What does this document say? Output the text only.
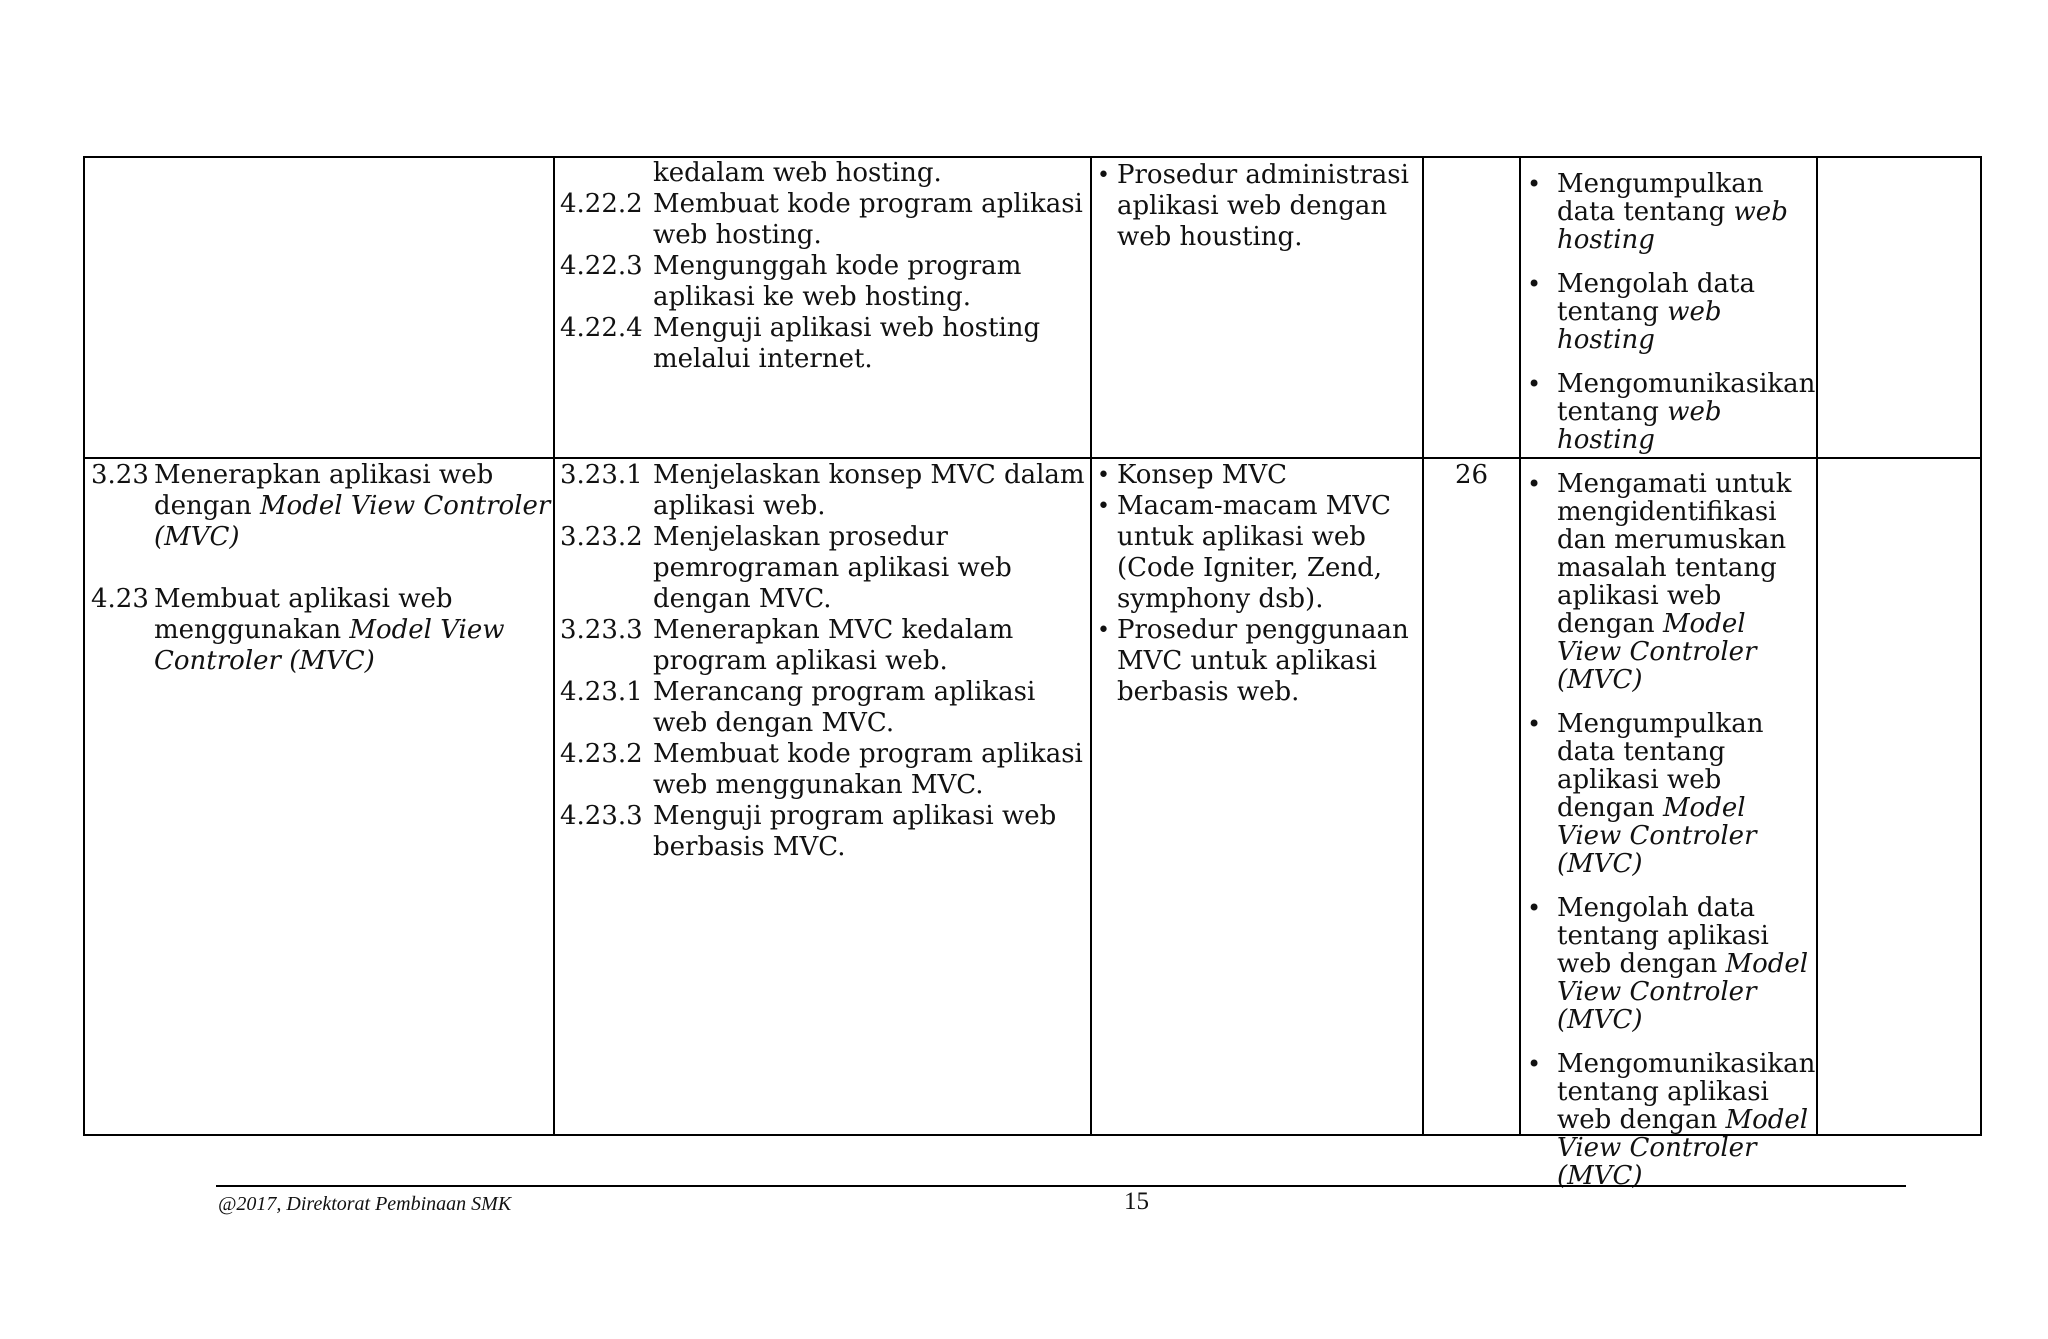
kedalam web hosting.
4.22.2 Membuat kode program aplikasi web hosting.
4.22.3 Mengunggah kode program aplikasi ke web hosting.
4.22.4 Menguji aplikasi web hosting melalui internet.
• Prosedur administrasi aplikasi web dengan web housting.
• Mengumpulkan data tentang web hosting
• Mengolah data tentang web hosting
• Mengomunikasikan tentang web hosting
3.23 Menerapkan aplikasi web dengan Model View Controler (MVC)
4.23 Membuat aplikasi web menggunakan Model View Controler (MVC)
3.23.1 Menjelaskan konsep MVC dalam aplikasi web.
3.23.2 Menjelaskan prosedur pemrograman aplikasi web dengan MVC.
3.23.3 Menerapkan MVC kedalam program aplikasi web.
4.23.1 Merancang program aplikasi web dengan MVC.
4.23.2 Membuat kode program aplikasi web menggunakan MVC.
4.23.3 Menguji program aplikasi web berbasis MVC.
• Konsep MVC
• Macam-macam MVC untuk aplikasi web (Code Igniter, Zend, symphony dsb).
• Prosedur penggunaan MVC untuk aplikasi berbasis web.
26	• Mengamati untuk mengidentifikasi dan merumuskan masalah tentang aplikasi web dengan Model View Controler (MVC)
• Mengumpulkan data tentang aplikasi web dengan Model View Controler (MVC)
• Mengolah data tentang aplikasi web dengan Model View Controler (MVC)
• Mengomunikasikan tentang aplikasi web dengan Model View Controler (MVC)
@2017, Direktorat Pembinaan SMK	15
